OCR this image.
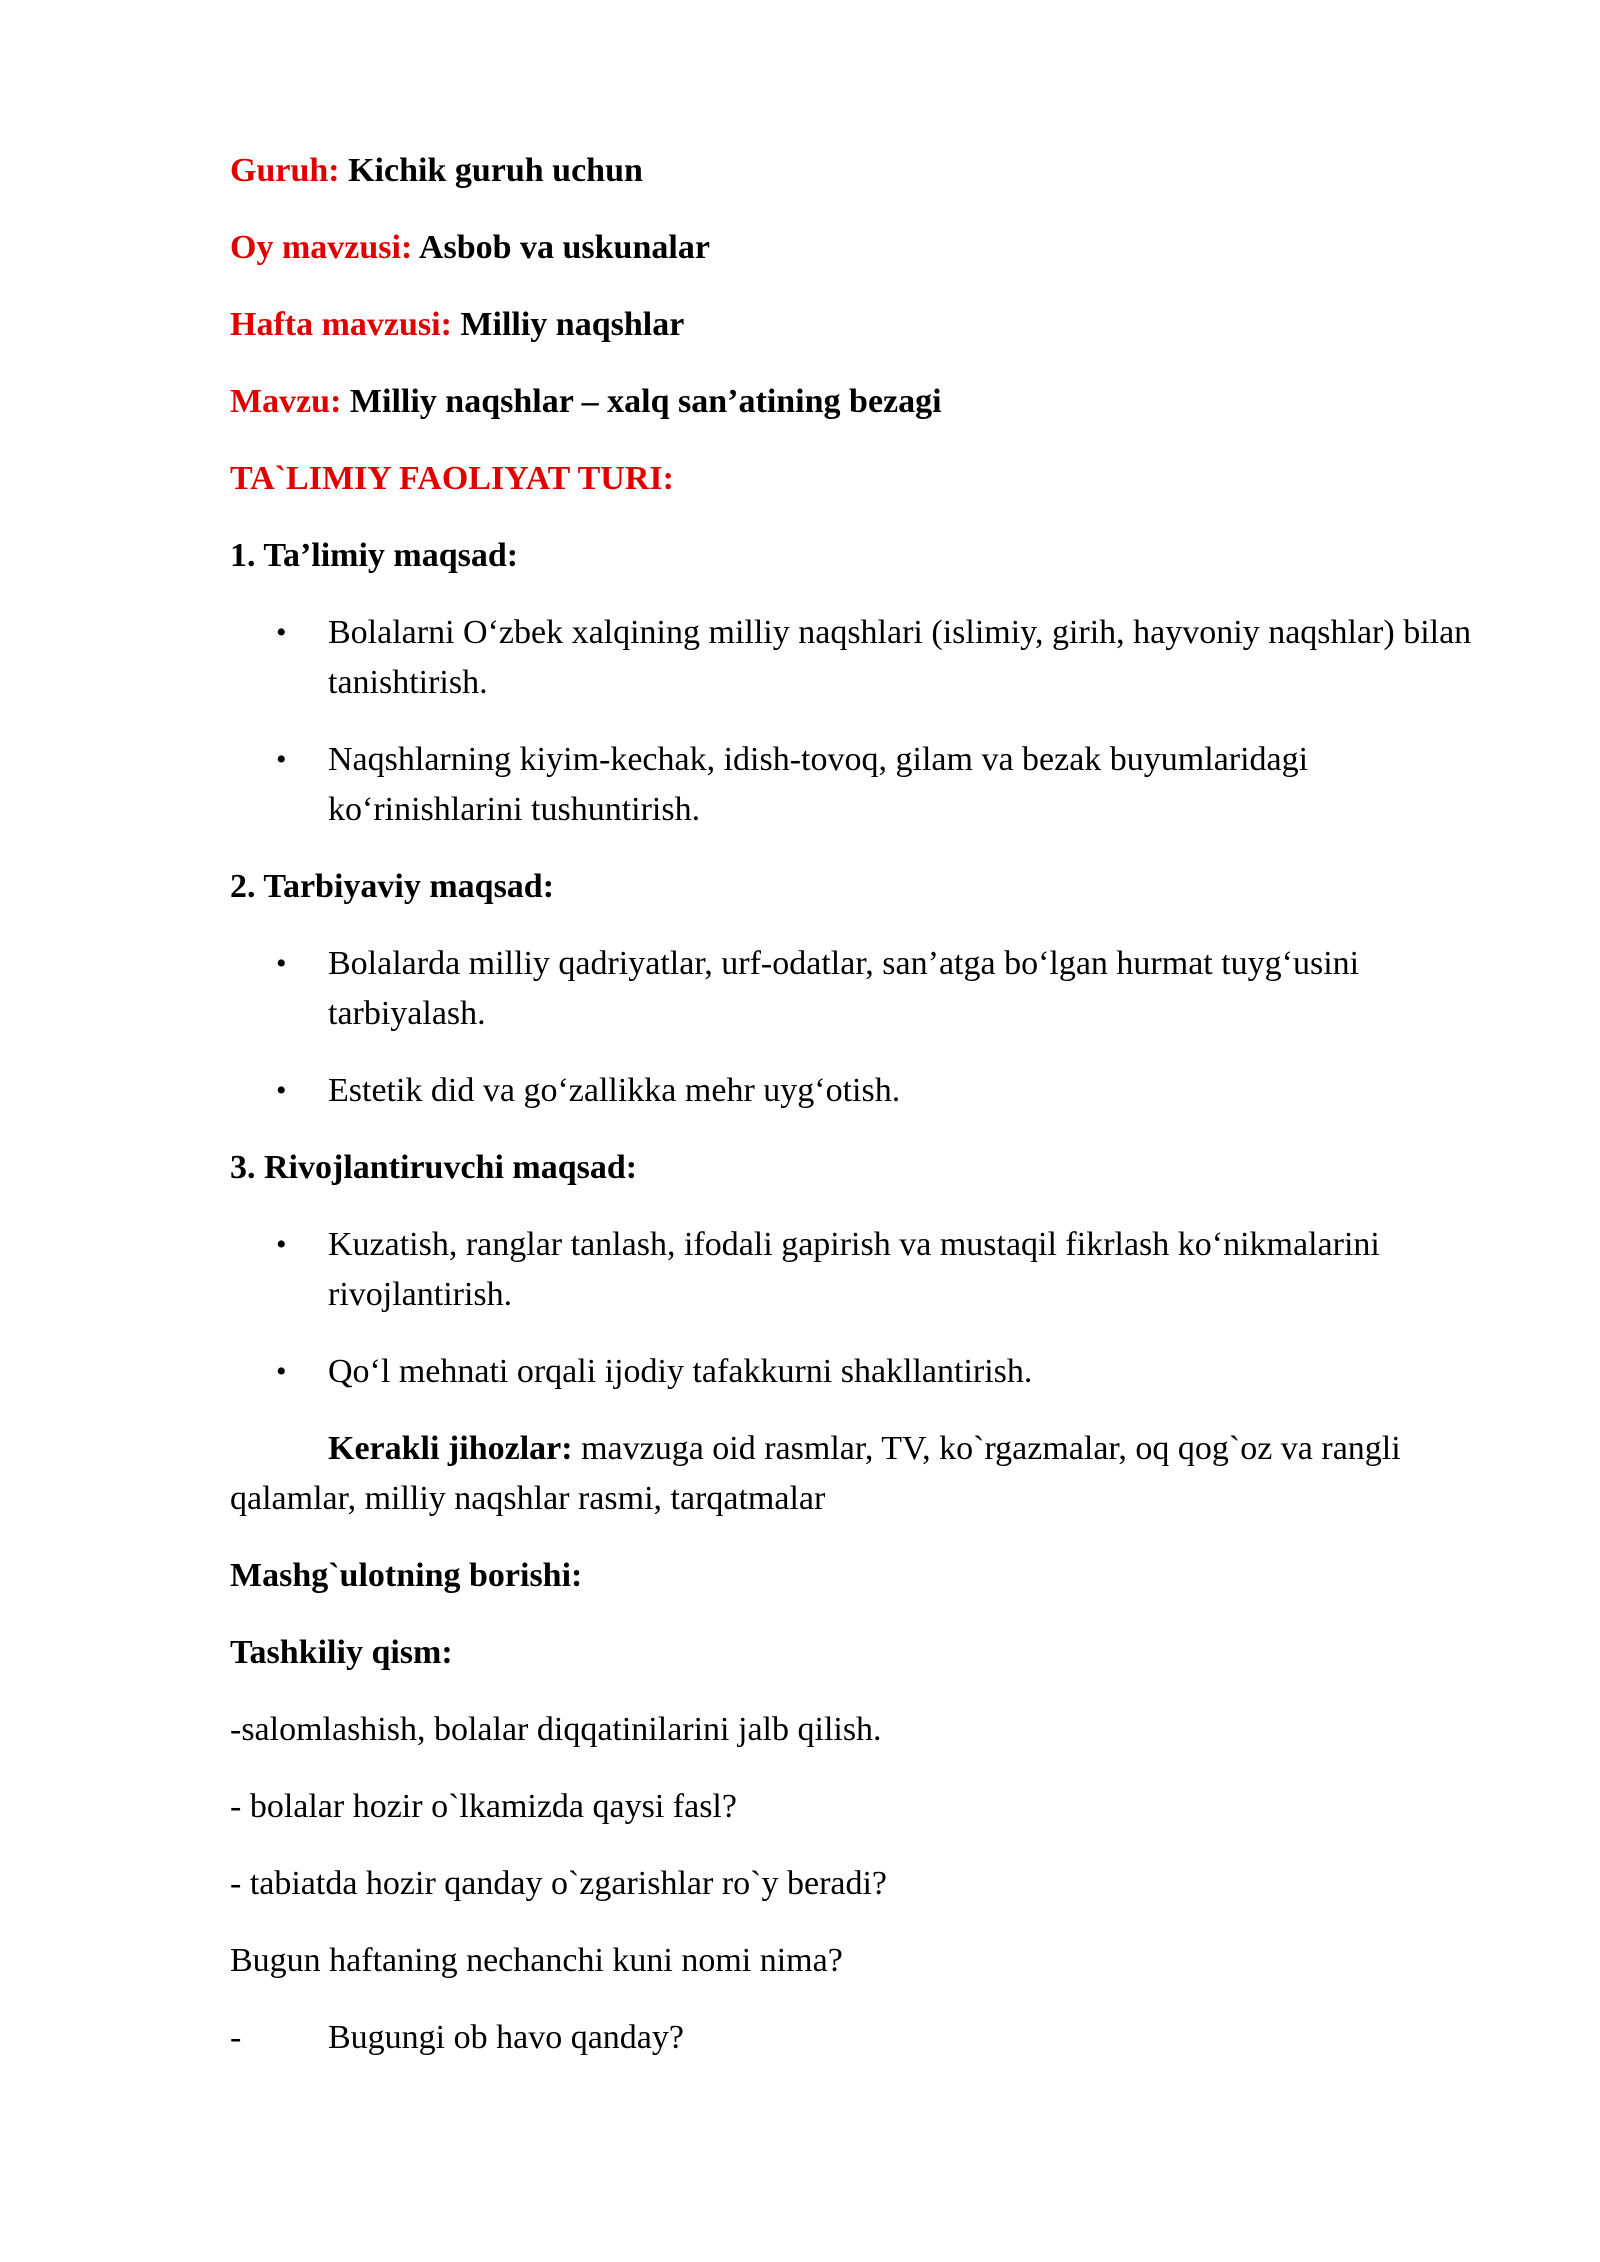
Guruh: Kichik guruh uchun
Oy mavzusi: Asbob va uskunalar
Hafta mavzusi: Milliy naqshlar
Mavzu: Milliy naqshlar – xalq san’atining bezagi
TA`LIMIY FAOLIYAT TURI:
1. Ta’limiy maqsad:
• Bolalarni O‘zbek xalqining milliy naqshlari (islimiy, girih, hayvoniy naqshlar) bilan tanishtirish.
• Naqshlarning kiyim-kechak, idish-tovoq, gilam va bezak buyumlaridagi ko‘rinishlarini tushuntirish.
2. Tarbiyaviy maqsad:
• Bolalarda milliy qadriyatlar, urf-odatlar, san’atga bo‘lgan hurmat tuyg‘usini tarbiyalash.
• Estetik did va go‘zallikka mehr uyg‘otish.
3. Rivojlantiruvchi maqsad:
• Kuzatish, ranglar tanlash, ifodali gapirish va mustaqil fikrlash ko‘nikmalarini rivojlantirish.
• Qo‘l mehnati orqali ijodiy tafakkurni shakllantirish.
Kerakli jihozlar: mavzuga oid rasmlar, TV, ko`rgazmalar, oq qog`oz va rangli qalamlar, milliy naqshlar rasmi, tarqatmalar
Mashg`ulotning borishi:
Tashkiliy qism:
-salomlashish, bolalar diqqatinilarini jalb qilish.
- bolalar hozir o`lkamizda qaysi fasl?
- tabiatda hozir qanday o`zgarishlar ro`y beradi?
Bugun haftaning nechanchi kuni nomi nima?
-	Bugungi ob havo qanday?
